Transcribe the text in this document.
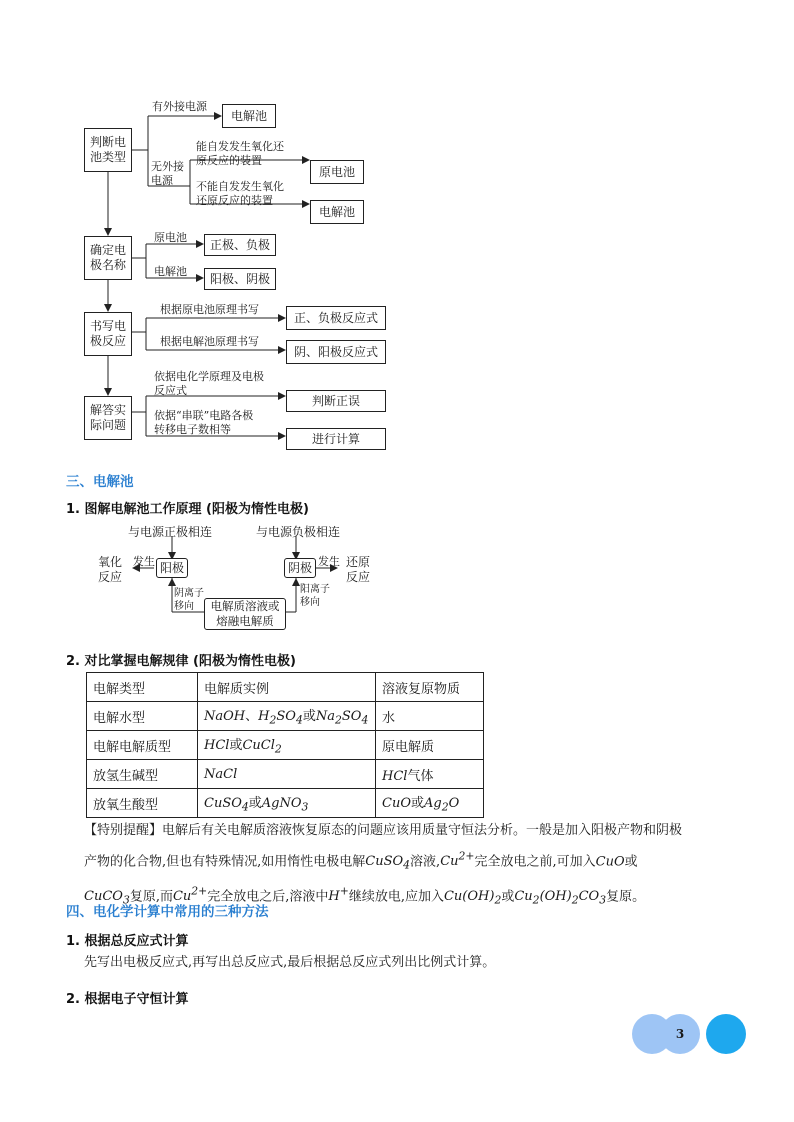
判断电
池类型
有外接电源
电解池
无外接
电源
能自发发生氧化还
原反应的装置
原电池
不能自发发生氧化
还原反应的装置
电解池
确定电
极名称
原电池	正极、负极
电解池	阳极、阴极
书写电
极反应
根据原电池原理书写
正、负极反应式
根据电解池原理书写
阴、阳极反应式
解答实
际问题
依据电化学原理及电极
反应式
判断正误
依据“串联”电路各极
转移电子数相等
进行计算
三、电解池
1. 图解电解池工作原理 (阳极为惰性电极)
与电源正极相连	与电源负极相连
氧化
反应
发生 阳极	阴极 发生 还原
反应
阴离子
移向
阳离子
移向
电解质溶液或
熔融电解质
2. 对比掌握电解规律 (阳极为惰性电极)
电解类型	电解质实例	溶液复原物质
电解水型	NaOH、$H_2SO_4$或$Na_2SO_4$	水
电解电解质型	HCl或CuCl$_2$	原电解质
放氢生碱型	NaCl	HCl气体
放氧生酸型	CuSO$_4$或AgNO$_3$	CuO或$Ag_2O$
【特别提醒】电解后有关电解质溶液恢复原态的问题应该用质量守恒法分析。一般是加入阳极产物和阴极
产物的化合物,但也有特殊情况,如用惰性电极电解CuSO$_4$溶液$,Cu^{2+}$完全放电之前,可加入CuO或
CuCO$_3$复原,而$Cu^{2+}$完全放电之后,溶液中H+继续放电,应加入$Cu(OH)_2$或$Cu_2(OH)_2CO_3$复原。
四、电化学计算中常用的三种方法
1. 根据总反应式计算
先写出电极反应式,再写出总反应式,最后根据总反应式列出比例式计算。
2. 根据电子守恒计算
3
